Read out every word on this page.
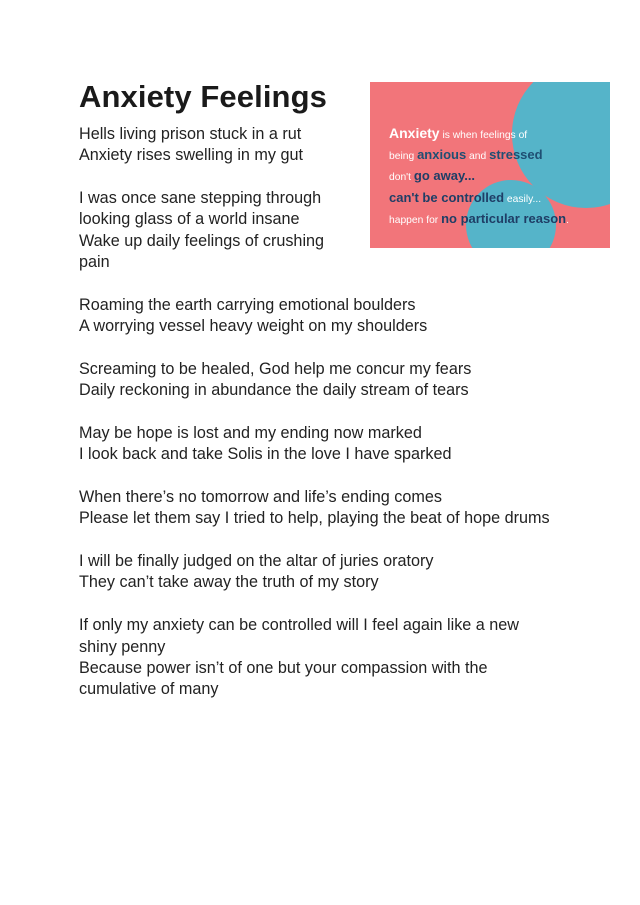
Anxiety Feelings
Anxiety is when feelings of
being anxious and stressed
don't go away...
can't be controlled easily...
happen for no particular reason.

Hells living prison stuck in a rut
Anxiety rises swelling in my gut

I was once sane stepping through
looking glass of a world insane
Wake up daily feelings of crushing
pain

Roaming the earth carrying emotional boulders
A worrying vessel heavy weight on my shoulders

Screaming to be healed, God help me concur my fears
Daily reckoning in abundance the daily stream of tears

May be hope is lost and my ending now marked
I look back and take Solis in the love I have sparked

When there’s no tomorrow and life’s ending comes
Please let them say I tried to help, playing the beat of hope drums

I will be finally judged on the altar of juries oratory
They can’t take away the truth of my story

If only my anxiety can be controlled will I feel again like a new shiny penny
Because power isn’t of one but your compassion with the cumulative of many
